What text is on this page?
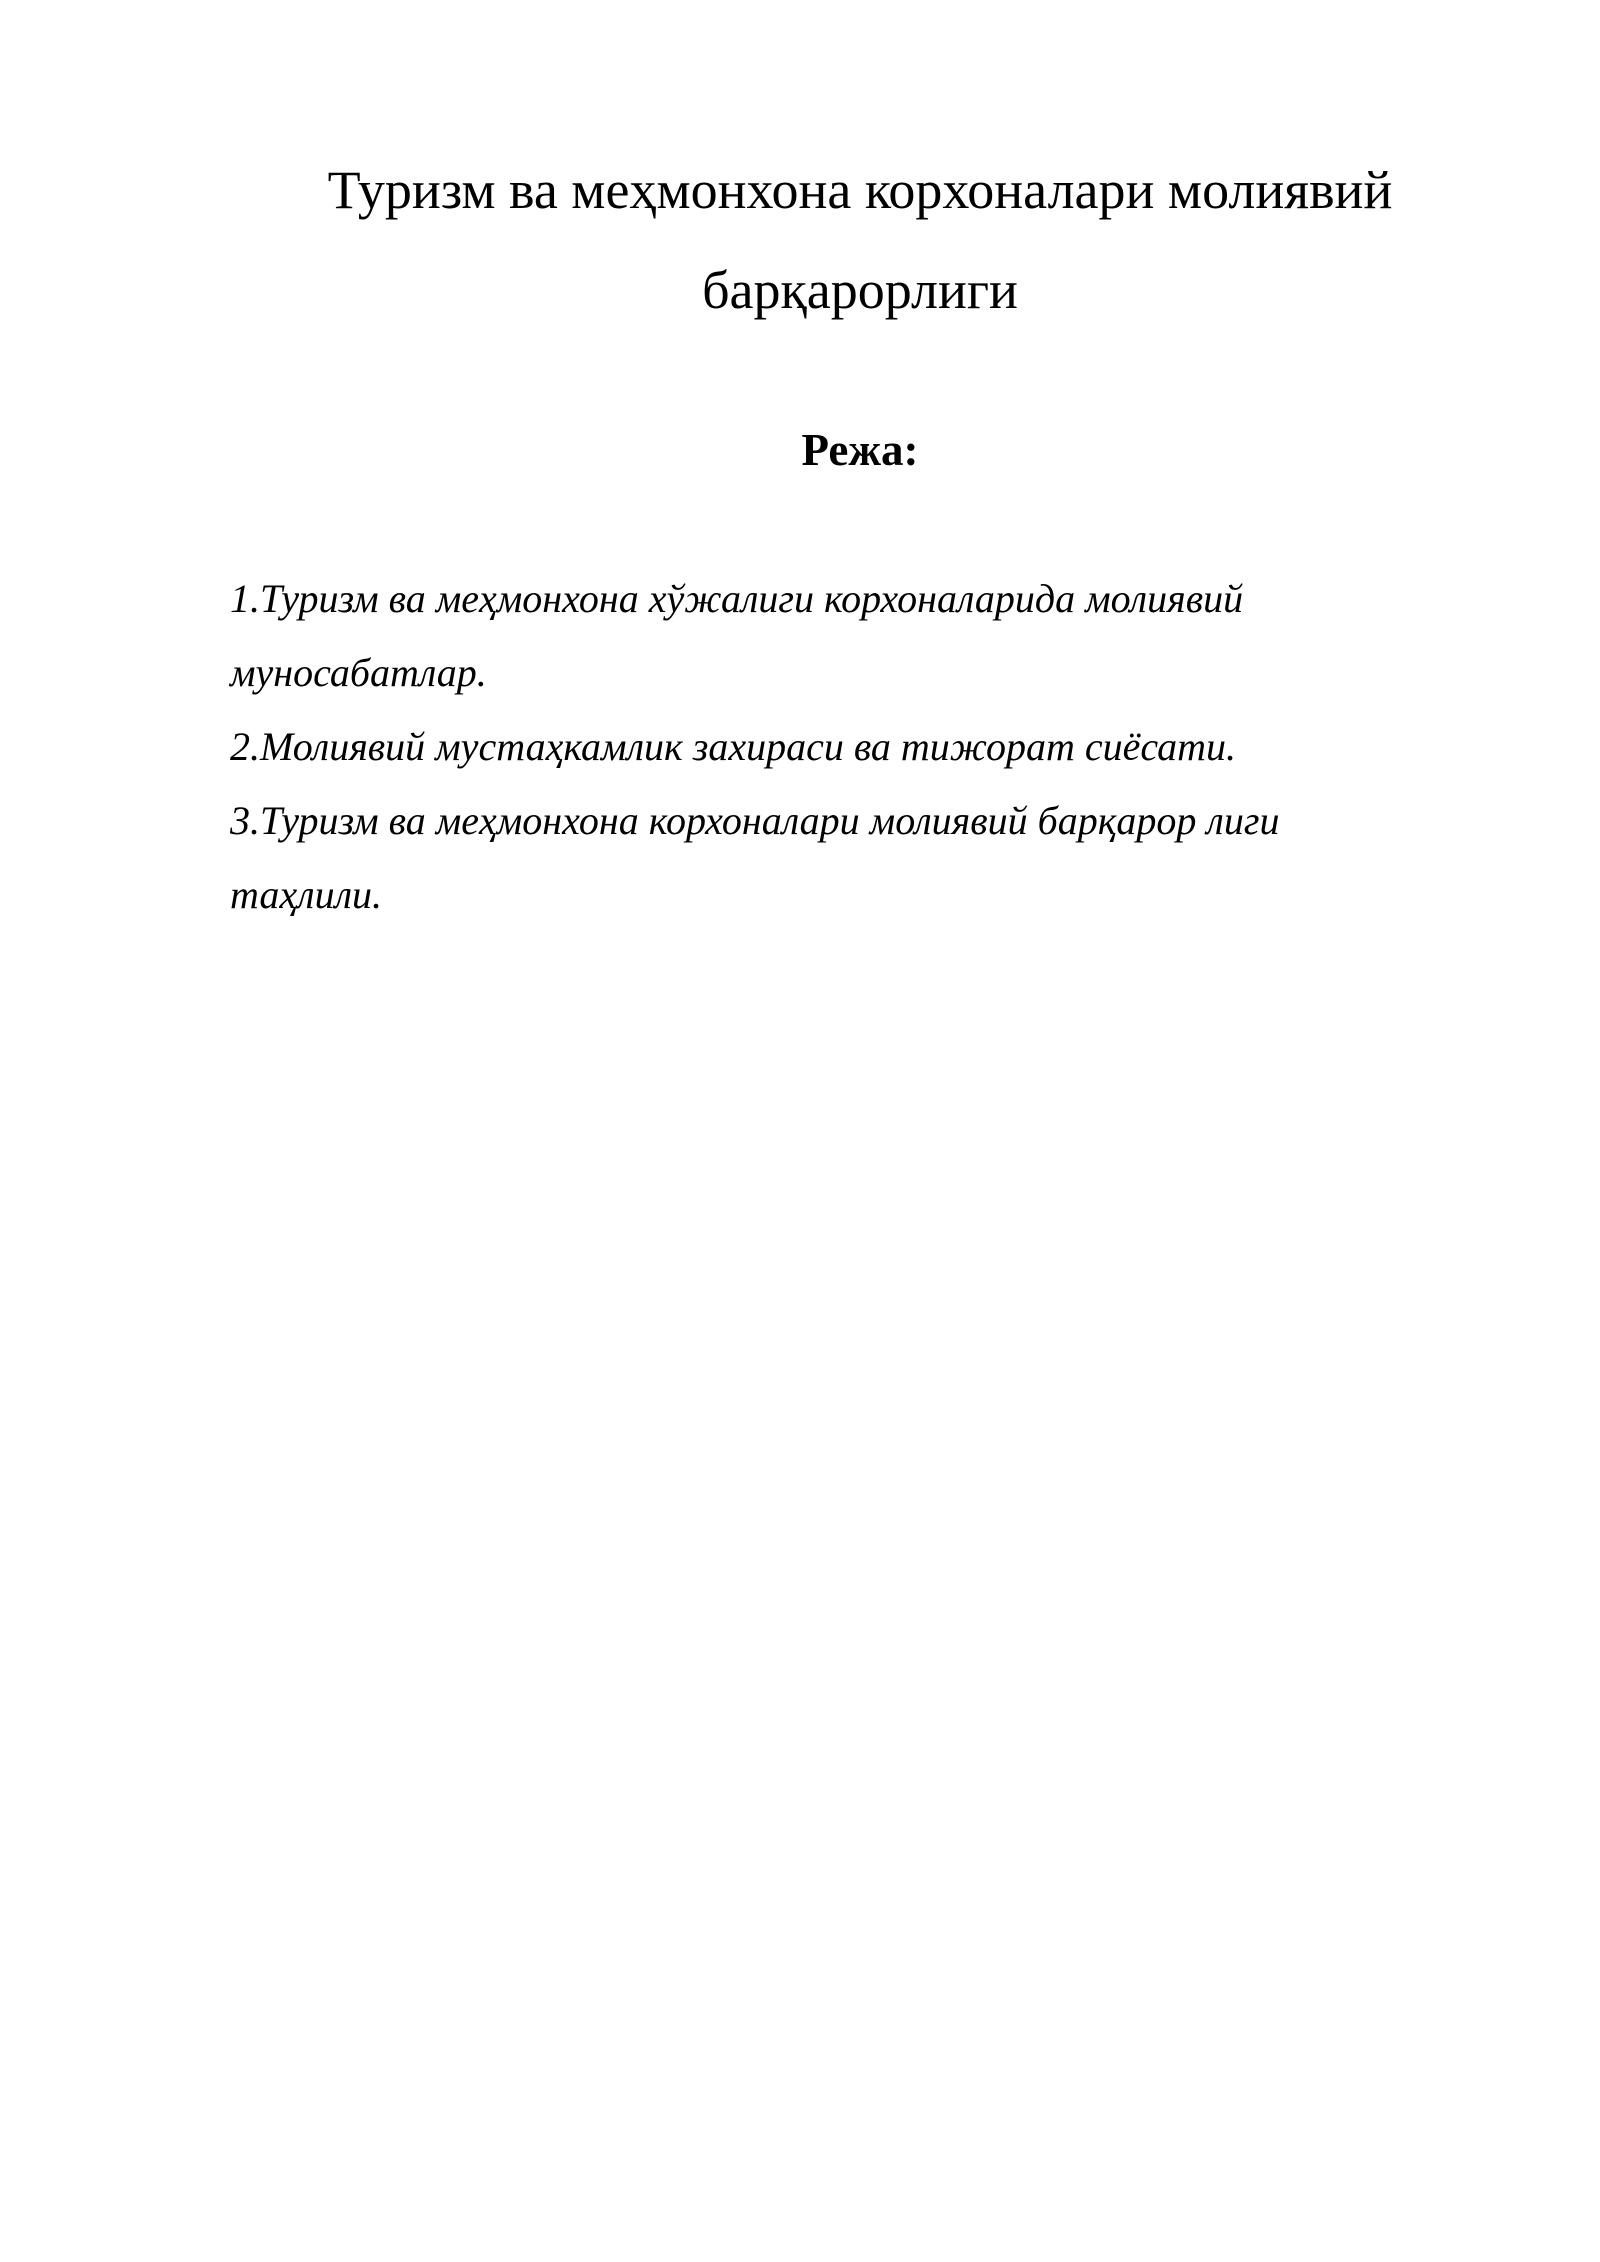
Туризм ва меҳмонхона корхоналари молиявий барқарорлиги
Режа:
1.Туризм ва меҳмонхона хўжалиги корхоналарида молиявий муносабатлар.
2.Молиявий мустаҳкамлик захираси ва тижорат сиёсати.
3.Туризм ва меҳмонхона корхоналари молиявий барқарор лиги таҳлили.
